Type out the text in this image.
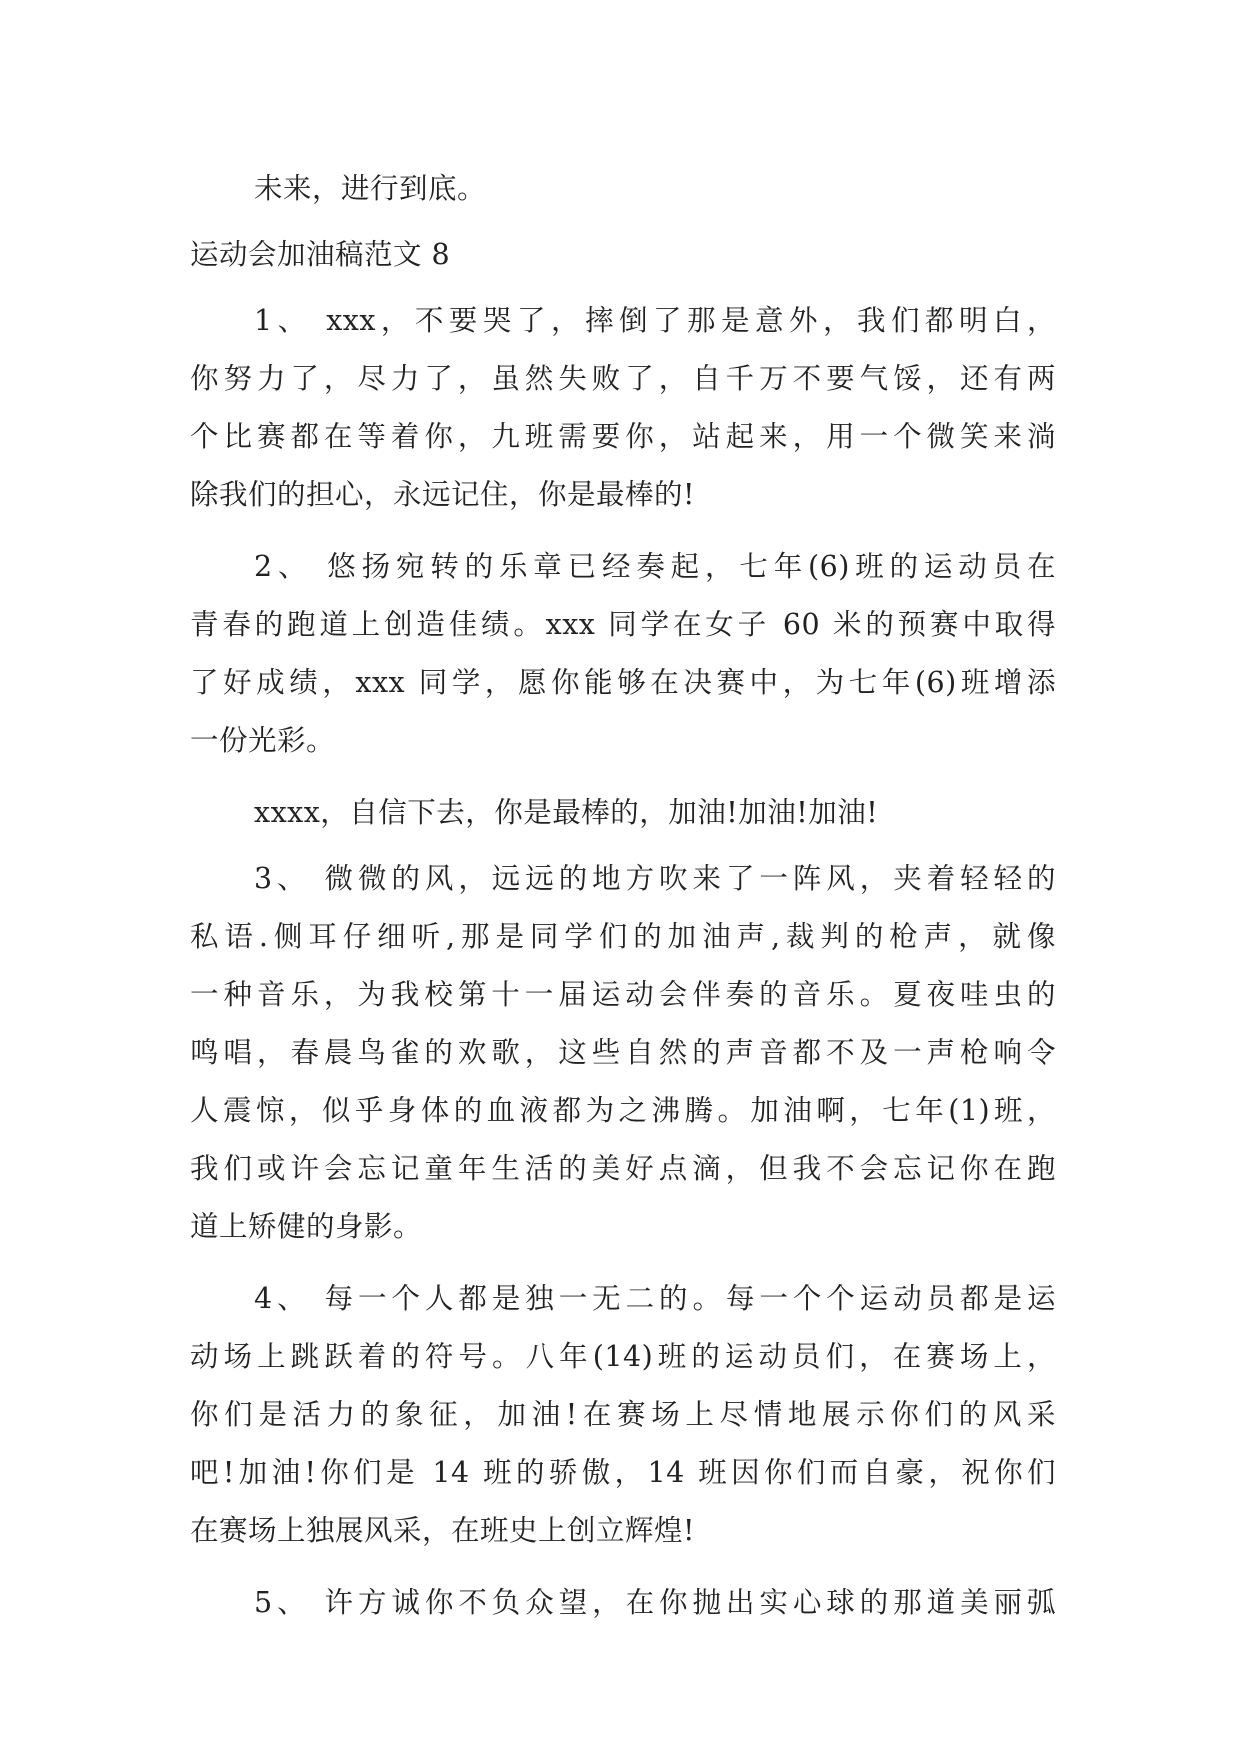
未来，进行到底。
运动会加油稿范文 8
1、 xxx，不要哭了，摔倒了那是意外，我们都明白，
你努力了，尽力了，虽然失败了，自千万不要气馁，还有两
个比赛都在等着你，九班需要你，站起来，用一个微笑来淌
除我们的担心，永远记住，你是最棒的!
2、 悠扬宛转的乐章已经奏起，七年(6)班的运动员在
青春的跑道上创造佳绩。xxx 同学在女子 60 米的预赛中取得
了好成绩，xxx 同学，愿你能够在决赛中，为七年(6)班增添
一份光彩。
xxxx，自信下去，你是最棒的，加油!加油!加油!
3、 微微的风，远远的地方吹来了一阵风，夹着轻轻的
私语.侧耳仔细听,那是同学们的加油声,裁判的枪声，就像
一种音乐，为我校第十一届运动会伴奏的音乐。夏夜哇虫的
鸣唱，春晨鸟雀的欢歌，这些自然的声音都不及一声枪响令
人震惊，似乎身体的血液都为之沸腾。加油啊，七年(1)班，
我们或许会忘记童年生活的美好点滴，但我不会忘记你在跑
道上矫健的身影。
4、 每一个人都是独一无二的。每一个个运动员都是运
动场上跳跃着的符号。八年(14)班的运动员们，在赛场上，
你们是活力的象征，加油!在赛场上尽情地展示你们的风采
吧!加油!你们是 14 班的骄傲，14 班因你们而自豪，祝你们
在赛场上独展风采，在班史上创立辉煌!
5、 许方诚你不负众望，在你抛出实心球的那道美丽弧
